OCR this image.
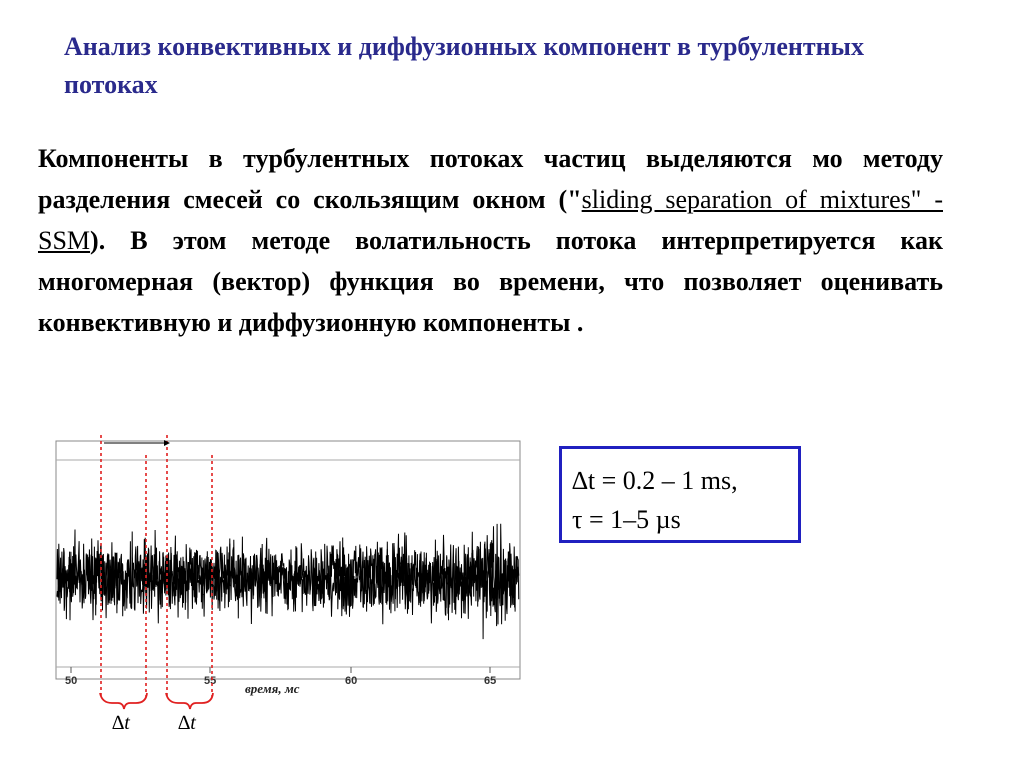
Анализ конвективных и диффузионных компонент в турбулентных потоках
Компоненты в турбулентных потоках частиц выделяются мо методу разделения смесей со скользящим окном ("sliding separation of mixtures" - SSM). В этом методе волатильность потока интерпретируется как многомерная (вектор) функция во времени, что позволяет оценивать конвективную и диффузионную компоненты .
50	55	60	65
время, мс
∆t ∆t
∆t = 0.2 – 1 ms,
τ = 1–5 µs
